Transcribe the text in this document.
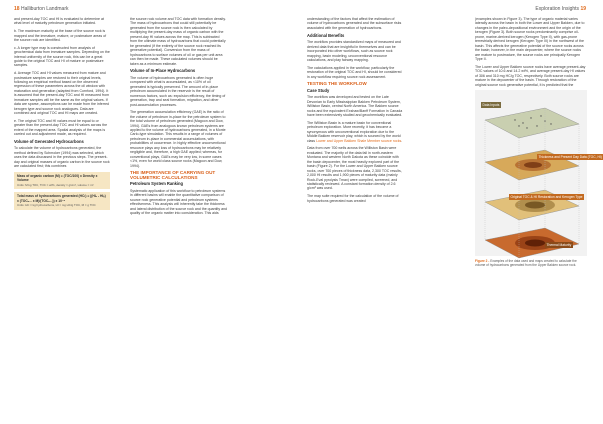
18 Halliburton Landmark	Exploration Insights 19

and present-day TOC and HI is evaluated to determine at what level of maturity petroleum generation initiated.

b. The maximum maturity at the base of the source rock is mapped and the immature, mature, or postmature areas of the source rock are identified.

c. A longer type map is constructed from analysis of geochemical data from immature samples. Depending on the internal uniformity of the source rock, this can be a great guide to the original TOC and HI of mature or postmature samples.

d. Average TOC and HI values measured from mature and postmature samples are restored to their original levels, following an empirical method based on the observed regression of these parameters across the oil window with maturation and generation (adapted from Cornford, 1994). It is assumed that the present-day TOC and HI measured from immature samples will be the same as the original values. If data are sparse, assumptions can be made from the inferred kerogen type and source rock analogues. Data are combined and original TOC and HI maps are created.

e. The original TOC and HI values must be equal to or greater than the present-day TOC and HI values across the extent of the mapped area. Spatial analysis of the maps is carried out and adjustment made, as required.

Volume of Generated Hydrocarbons

To calculate the volume of hydrocarbons generated, the method defined by Schmoker (1994) was selected, which uses the data discussed in the previous steps. The present-day and original masses of organic carbon in the source rock are calculated first; this combines

Mass of organic carbon (M) = (TOC/100) x Density x Volume
Units: M kg TOC, TOC = wt%, density = g/cm³, volume = m³
Total mass of hydrocarbons generated (HCₜ) = ((HIₒ - HIₚ) x (TOCₒ... x M)/(TOCₒ...)) x 10⁻⁶
Units: HC = kg hydrocarbons, HI = mg HC/g TOC, M = g TOC

the source rock volume and TOC data with formation density. The mass of hydrocarbons that could still potentially be generated from the source rock is then calculated by multiplying the present-day mass of organic carbon with the present-day HI values across the map. This is subtracted from the ultimate mass of hydrocarbons that could potentially be generated (if the entirety of the source rock reached its generative potential). Conversion from the mass of hydrocarbons to surface volumes of oil or gas per unit area can then be made. These calculated volumes should be taken as a minimum estimate.

Volume of In-Place Hydrocarbons

The volume of hydrocarbons generated is often huge compared with what is accumulated, as <10% of oil generated is typically preserved. The amount of in-place petroleum accumulated in the reservoir is the result of numerous factors, such as: expulsion efficiency, the timing of generation, trap and seal formation, migration, and other post-accumulation processes.

The generation accumulation efficiency (GAE) is the ratio of the volume of petroleum in-place for the petroleum system to the total volume of petroleum generated (Magoon and Dow, 1994). GAEs from analogous known petroleum systems are applied to the volume of hydrocarbons generated, in a Monte Carlo-type simulation. This results in a range of volumes of petroleum in-place in commercial accumulations, with probabilities of occurrence. In highly effective unconventional resource plays any loss of hydrocarbons may be relatively negligible and, therefore, a high GAE applied; whereas, for conventional plays, GAEs may be very low, in some cases <1%, even for world class source rocks (Magoon and Dow, 1994).

THE IMPORTANCE OF CARRYING OUT VOLUMETRIC CALCULATIONS
Petroleum System Ranking

Systematic application of this workflow to petroleum systems in different basins will enable the quantitative comparison of source rock generative potential and petroleum systems effectiveness. This analysis will inherently take the thickness and lateral distribution of the source rock and the quantity and quality of the organic matter into consideration. This aids

understanding of the factors that affect the estimation of volume of hydrocarbons generated and the subsurface risks associated with the generation of hydrocarbons.

Additional Benefits

The workflow provides standardized maps of measured and derived data that are insightful in themselves and can be incorporated into other workflows, such as source rock mapping, basin modeling, unconventional resource calculations, and play fairway mapping.

The calculations applied in the workflow, particularly the restoration of the original TOC and HI, should be considered in any workflow requiring source rock assessment.

TESTING THE WORKFLOW
Case Study

The workflow was developed and tested on the Late Devonian to Early Mississippian Bakken Petroleum System, Williston Basin, central North America. The Bakken source rocks and the equivalent Exshaw/Banff Formation in Canada have been extensively studied and geochemically evaluated.

The Williston Basin is a mature basin for conventional petroleum exploration. More recently, it has become a synonymous with unconventional exploration due to the Middle Bakken reservoir play, which is sourced by the world class Lower and Upper Bakken Shale Member source rocks.

Data from over 700 wells across the Williston Basin were evaluated. The majority of the data fall in north-eastern Montana and western North Dakota as these coincide with the basin depocenter, the most heavily explored part of the basin (Figure 2). For the Lower and Upper Bakken source rocks, over 700 pieces of thickness data, 2,300 TOC results, 2,000 HI results and 1,900 pieces of maturity data (mainly Rock-Eval pyrolysis Tmax) were compiled, screened, and statistically reviewed. A constant formation density of 2.6 g/cm³ was used.

The map suite required for the calculation of the volume of hydrocarbons generated was created

(examples shown in Figure 3). The type of organic material varies laterally across the basin in both the Lower and Upper Bakken, due to changes in the paleo-depositional environment and the origin of the kerogen (Figure 3). Both source rocks predominantly comprise oil-prone, marine-derived kerogen (Kerogen Type II), with gas-prone terrestrially derived kerogen (Kerogen Type III) in the northwest of the basin. This affects the generative potential of the source rocks across the basin; however, in the main depocenter, where the source rocks are mature to postmature, the source rocks are principally Kerogen Type II.

The Lower and Upper Bakken source rocks have average present-day TOC values of 10.6 and 14.2 wt%, and average present-day HI values of 306 and 310 mg HC/g TOC, respectively. Both source rocks are mature in the depocenter of the basin. Through restoration of the original source rock generative potential, it is predicted that the

Data Inputs
Thickness and Present Day Data (TOC, HI)
Original TOC & HI Restoration and Kerogen Type
Thermal Maturity
Figure 2 - Examples of the data used and maps created to calculate the volume of hydrocarbons generated from the Upper Bakken source rock.
